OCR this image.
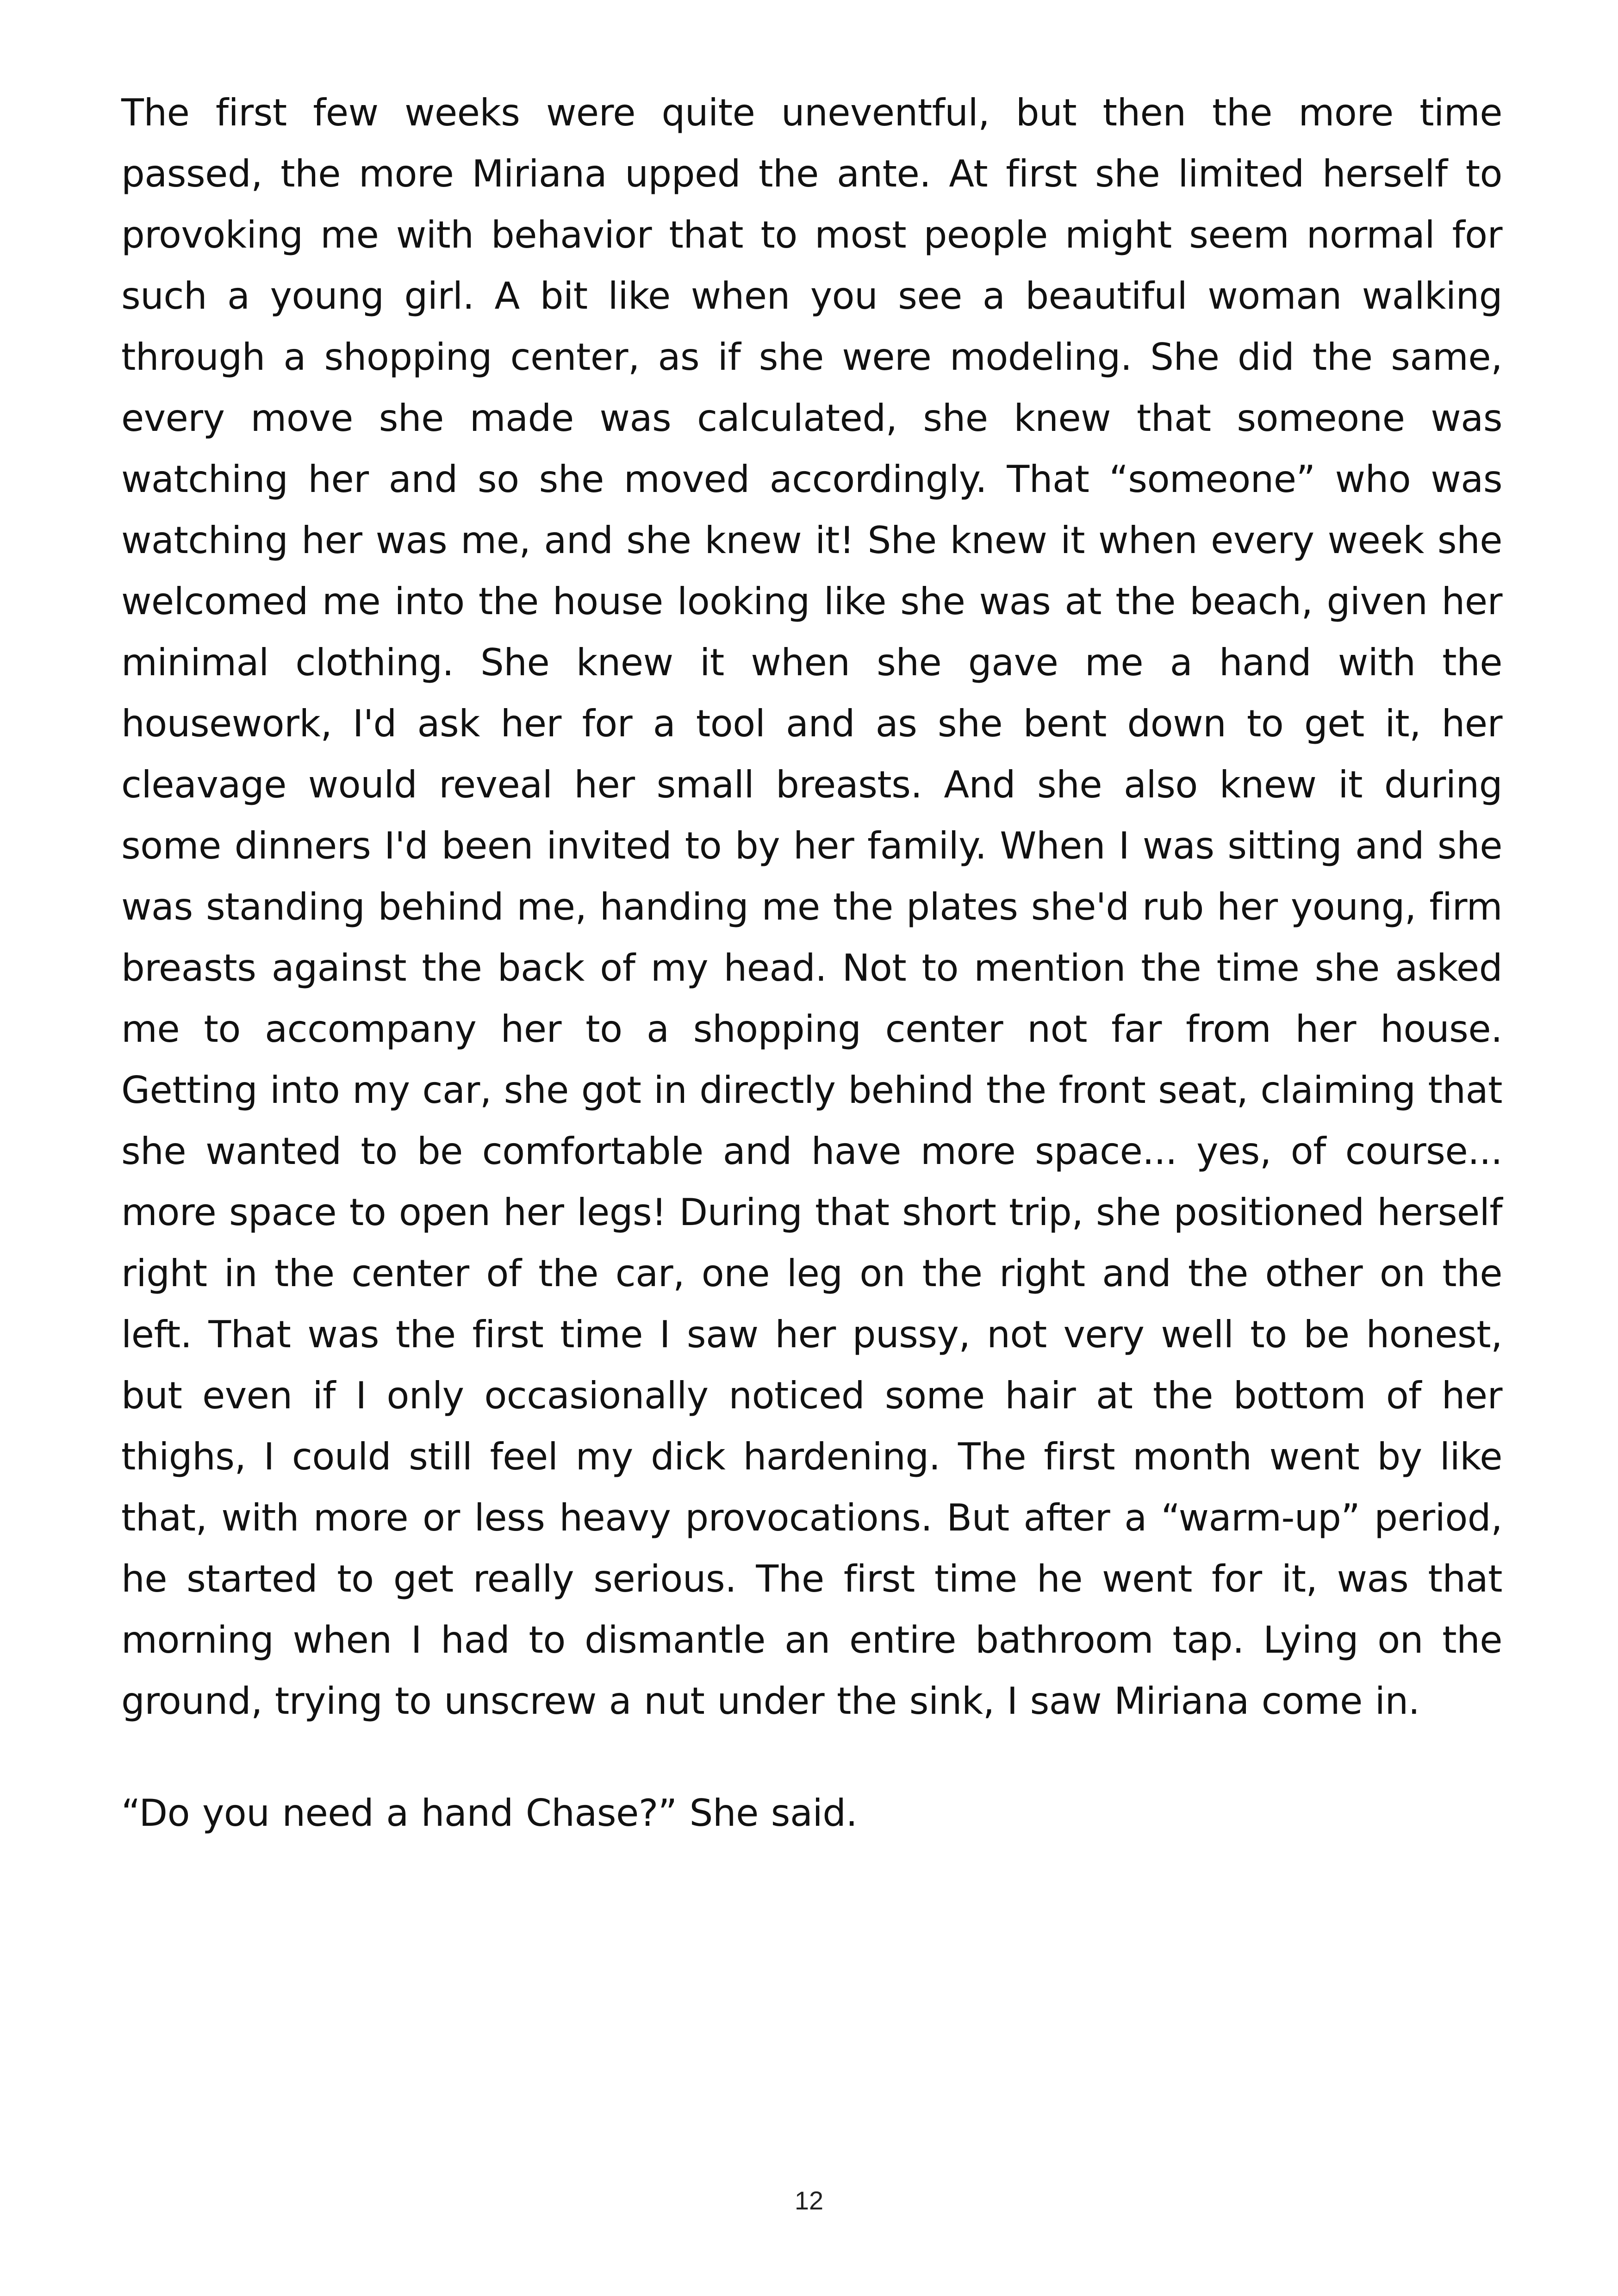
The first few weeks were quite uneventful, but then the more time passed, the more Miriana upped the ante. At first she limited herself to provoking me with behavior that to most people might seem normal for such a young girl. A bit like when you see a beautiful woman walking through a shopping center, as if she were modeling. She did the same, every move she made was calculated, she knew that someone was watching her and so she moved accordingly. That “someone” who was watching her was me, and she knew it! She knew it when every week she welcomed me into the house looking like she was at the beach, given her minimal clothing. She knew it when she gave me a hand with the housework, I'd ask her for a tool and as she bent down to get it, her cleavage would reveal her small breasts. And she also knew it during some dinners I'd been invited to by her family. When I was sitting and she was standing behind me, handing me the plates she'd rub her young, firm breasts against the back of my head. Not to mention the time she asked me to accompany her to a shopping center not far from her house. Getting into my car, she got in directly behind the front seat, claiming that she wanted to be comfortable and have more space... yes, of course... more space to open her legs! During that short trip, she positioned herself right in the center of the car, one leg on the right and the other on the left. That was the first time I saw her pussy, not very well to be honest, but even if I only occasionally noticed some hair at the bottom of her thighs, I could still feel my dick hardening. The first month went by like that, with more or less heavy provocations. But after a “warm-up” period, he started to get really serious. The first time he went for it, was that morning when I had to dismantle an entire bathroom tap. Lying on the ground, trying to unscrew a nut under the sink, I saw Miriana come in.

“Do you need a hand Chase?” She said.

12
